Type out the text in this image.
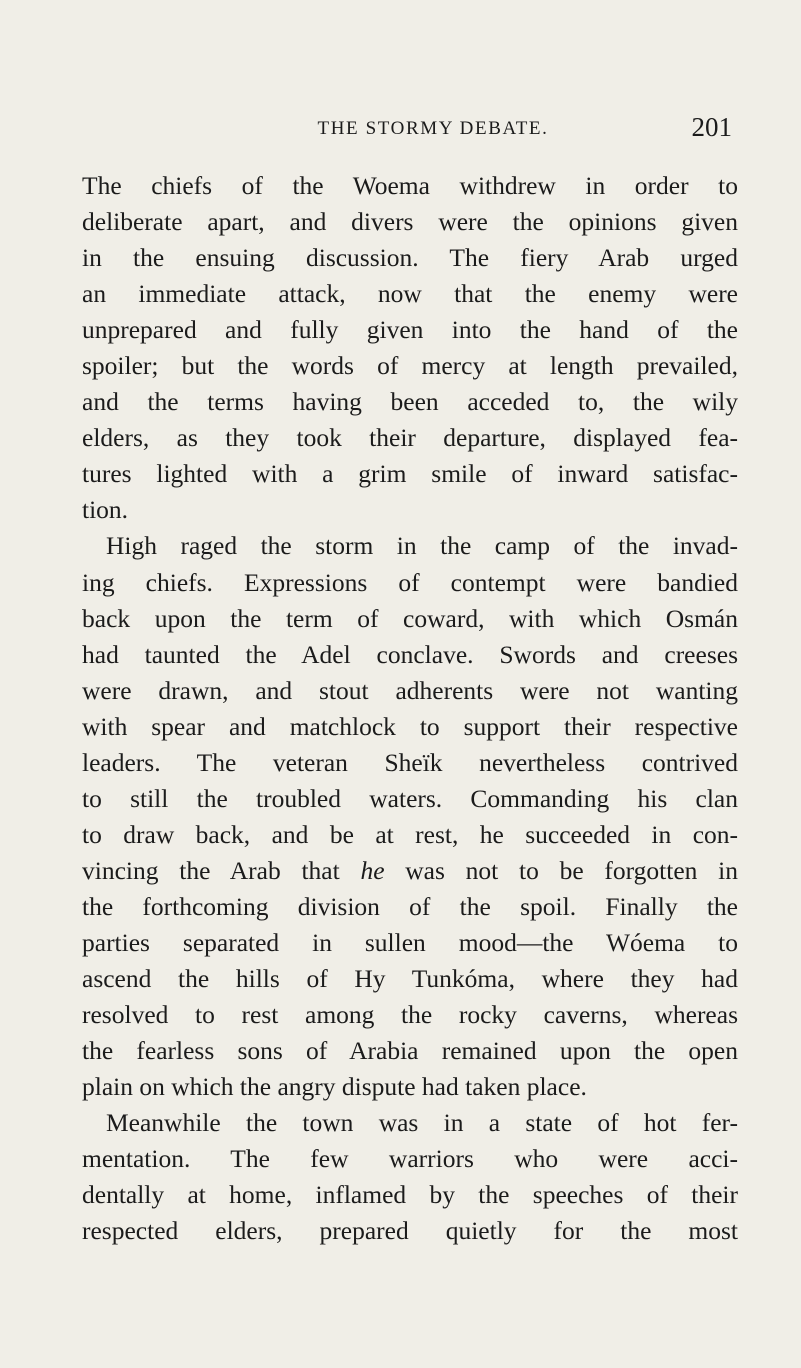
THE STORMY DEBATE.	201
The chiefs of the Woema withdrew in order to
deliberate apart, and divers were the opinions given
in the ensuing discussion. The fiery Arab urged
an immediate attack, now that the enemy were
unprepared and fully given into the hand of the
spoiler; but the words of mercy at length prevailed,
and the terms having been acceded to, the wily
elders, as they took their departure, displayed fea-
tures lighted with a grim smile of inward satisfac-
tion.
High raged the storm in the camp of the invad-
ing chiefs. Expressions of contempt were bandied
back upon the term of coward, with which Osmán
had taunted the Adel conclave. Swords and creeses
were drawn, and stout adherents were not wanting
with spear and matchlock to support their respective
leaders. The veteran Sheïk nevertheless contrived
to still the troubled waters. Commanding his clan
to draw back, and be at rest, he succeeded in con-
vincing the Arab that he was not to be forgotten in
the forthcoming division of the spoil. Finally the
parties separated in sullen mood—the Wóema to
ascend the hills of Hy Tunkóma, where they had
resolved to rest among the rocky caverns, whereas
the fearless sons of Arabia remained upon the open
plain on which the angry dispute had taken place.
Meanwhile the town was in a state of hot fer-
mentation. The few warriors who were acci-
dentally at home, inflamed by the speeches of their
respected elders, prepared quietly for the most
